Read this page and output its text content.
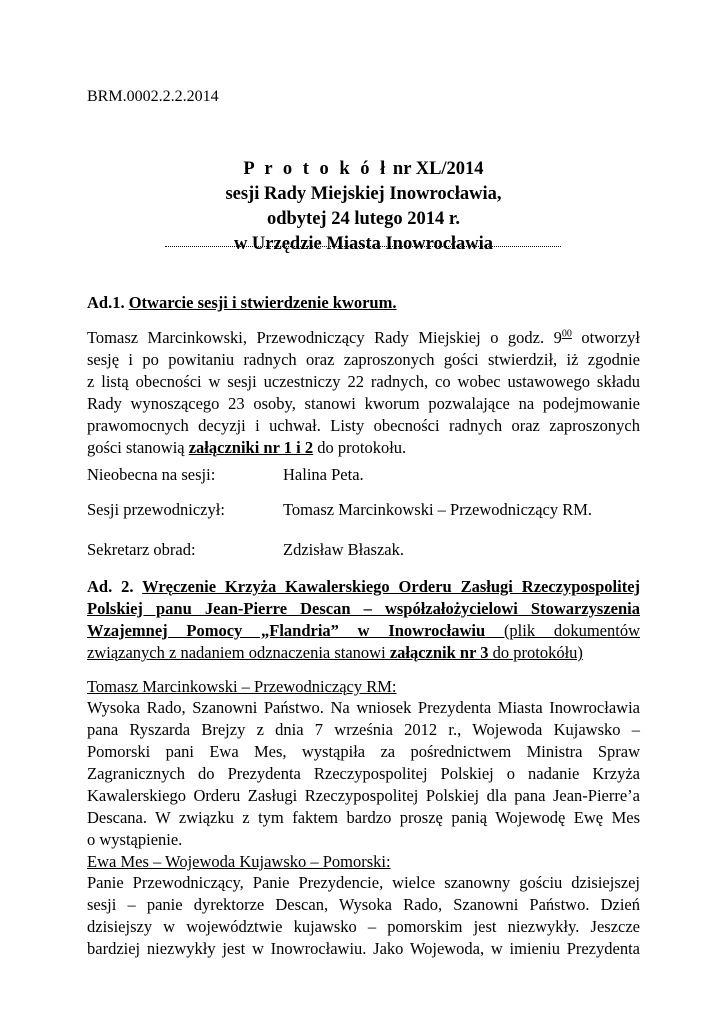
BRM.0002.2.2.2014
P r o t o k ó ł nr XL/2014
sesji Rady Miejskiej Inowrocławia,
odbytej 24 lutego 2014 r.
w Urzędzie Miasta Inowrocławia
Ad.1. Otwarcie sesji i stwierdzenie kworum.
Tomasz Marcinkowski, Przewodniczący Rady Miejskiej o godz. $9^{00}$ otworzył
sesję i po powitaniu radnych oraz zaproszonych gości stwierdził, iż zgodnie
z listą obecności w sesji uczestniczy 22 radnych, co wobec ustawowego składu
Rady wynoszącego 23 osoby, stanowi kworum pozwalające na podejmowanie
prawomocnych decyzji i uchwał. Listy obecności radnych oraz zaproszonych
gości stanowią załączniki nr 1 i 2 do protokołu.
Nieobecna na sesji:	Halina Peta.
Sesji przewodniczył:	Tomasz Marcinkowski – Przewodniczący RM.
Sekretarz obrad:	Zdzisław Błaszak.
Ad. 2. Wręczenie Krzyża Kawalerskiego Orderu Zasługi Rzeczypospolitej
Polskiej panu Jean-Pierre Descan – współzałożycielowi Stowarzyszenia
Wzajemnej Pomocy „Flandria” w Inowrocławiu (plik dokumentów
związanych z nadaniem odznaczenia stanowi załącznik nr 3 do protokółu)
Tomasz Marcinkowski – Przewodniczący RM:
Wysoka Rado, Szanowni Państwo. Na wniosek Prezydenta Miasta Inowrocławia
pana Ryszarda Brejzy z dnia 7 września 2012 r., Wojewoda Kujawsko –
Pomorski pani Ewa Mes, wystąpiła za pośrednictwem Ministra Spraw
Zagranicznych do Prezydenta Rzeczypospolitej Polskiej o nadanie Krzyża
Kawalerskiego Orderu Zasługi Rzeczypospolitej Polskiej dla pana Jean-Pierre’a
Descana. W związku z tym faktem bardzo proszę panią Wojewodę Ewę Mes
o wystąpienie.
Ewa Mes – Wojewoda Kujawsko – Pomorski:
Panie Przewodniczący, Panie Prezydencie, wielce szanowny gościu dzisiejszej
sesji – panie dyrektorze Descan, Wysoka Rado, Szanowni Państwo. Dzień
dzisiejszy w województwie kujawsko – pomorskim jest niezwykły. Jeszcze
bardziej niezwykły jest w Inowrocławiu. Jako Wojewoda, w imieniu Prezydenta
